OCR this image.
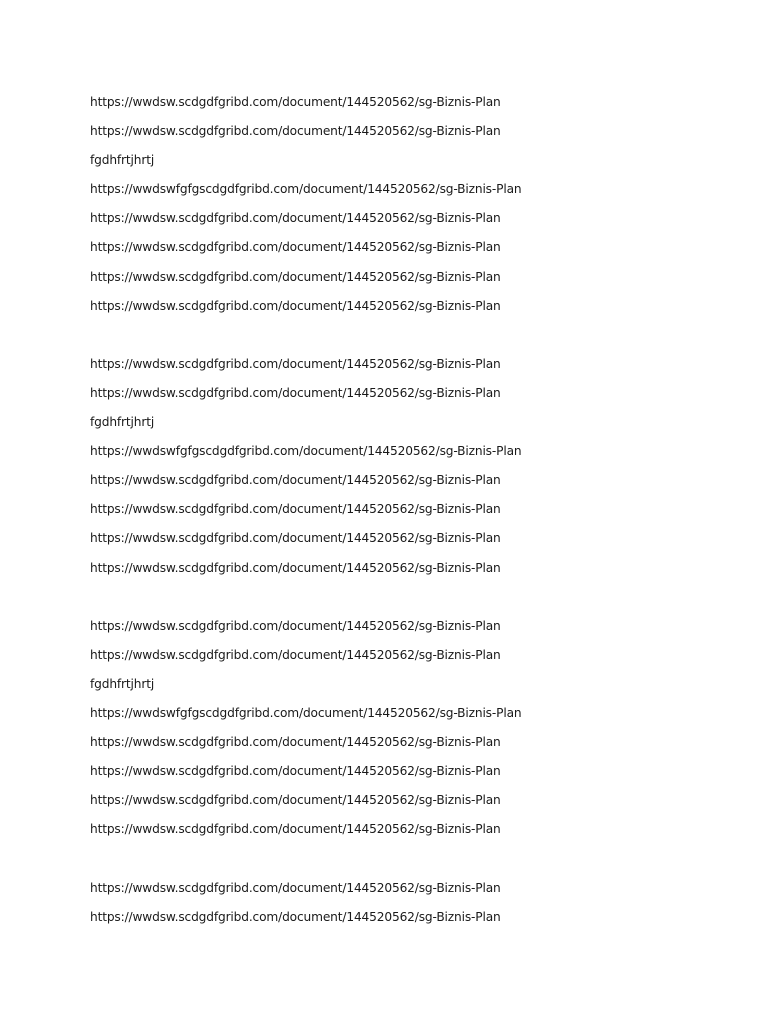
https://wwdsw.scdgdfgribd.com/document/144520562/sg-Biznis-Plan
https://wwdsw.scdgdfgribd.com/document/144520562/sg-Biznis-Plan
fgdhfrtjhrtj
https://wwdswfgfgscdgdfgribd.com/document/144520562/sg-Biznis-Plan
https://wwdsw.scdgdfgribd.com/document/144520562/sg-Biznis-Plan
https://wwdsw.scdgdfgribd.com/document/144520562/sg-Biznis-Plan
https://wwdsw.scdgdfgribd.com/document/144520562/sg-Biznis-Plan
https://wwdsw.scdgdfgribd.com/document/144520562/sg-Biznis-Plan
https://wwdsw.scdgdfgribd.com/document/144520562/sg-Biznis-Plan
https://wwdsw.scdgdfgribd.com/document/144520562/sg-Biznis-Plan
fgdhfrtjhrtj
https://wwdswfgfgscdgdfgribd.com/document/144520562/sg-Biznis-Plan
https://wwdsw.scdgdfgribd.com/document/144520562/sg-Biznis-Plan
https://wwdsw.scdgdfgribd.com/document/144520562/sg-Biznis-Plan
https://wwdsw.scdgdfgribd.com/document/144520562/sg-Biznis-Plan
https://wwdsw.scdgdfgribd.com/document/144520562/sg-Biznis-Plan
https://wwdsw.scdgdfgribd.com/document/144520562/sg-Biznis-Plan
https://wwdsw.scdgdfgribd.com/document/144520562/sg-Biznis-Plan
fgdhfrtjhrtj
https://wwdswfgfgscdgdfgribd.com/document/144520562/sg-Biznis-Plan
https://wwdsw.scdgdfgribd.com/document/144520562/sg-Biznis-Plan
https://wwdsw.scdgdfgribd.com/document/144520562/sg-Biznis-Plan
https://wwdsw.scdgdfgribd.com/document/144520562/sg-Biznis-Plan
https://wwdsw.scdgdfgribd.com/document/144520562/sg-Biznis-Plan
https://wwdsw.scdgdfgribd.com/document/144520562/sg-Biznis-Plan
https://wwdsw.scdgdfgribd.com/document/144520562/sg-Biznis-Plan
